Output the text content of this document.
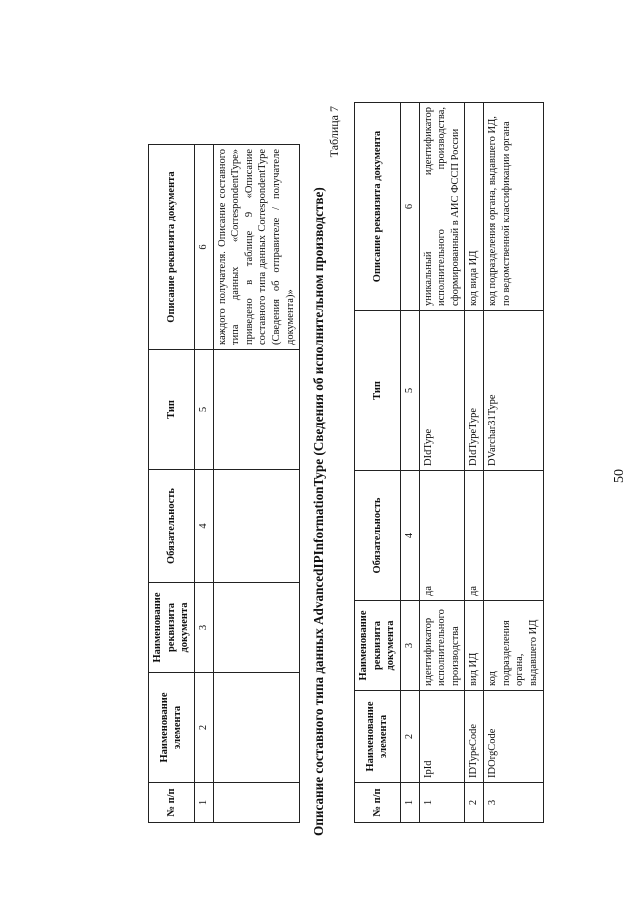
50
№ п/п	Наименование элемента	Наименование реквизита документа	Обязательность	Тип	Описание реквизита документа
1	2	3	4	5	6
					каждого получателя. Описание составного типа данных «CorrespondentType» приведено в таблице 9 «Описание составного типа данных CorrespondentType (Сведения об отправителе / получателе документа)» Описание составного типа данных AdvancedIPInformationType (Сведения об исполнительном производстве)
Таблица 7
№ п/п	Наименование элемента	Наименование реквизита документа	Обязательность	Тип	Описание реквизита документа
1	2	3	4	5	6
1	IpId	идентификатор исполнительного производства	да	DIdType	уникальный идентификатор исполнительного производства, сформированный в АИС ФССП России
2	IDTypeCode	вид ИД	да	DIdTypeType	код вида ИД
3	IDOrgCode	код подразделения органа, выдавшего ИД		DVarchar31Type	код подразделения органа, выдавшего ИД, по ведомственной классификации органа
